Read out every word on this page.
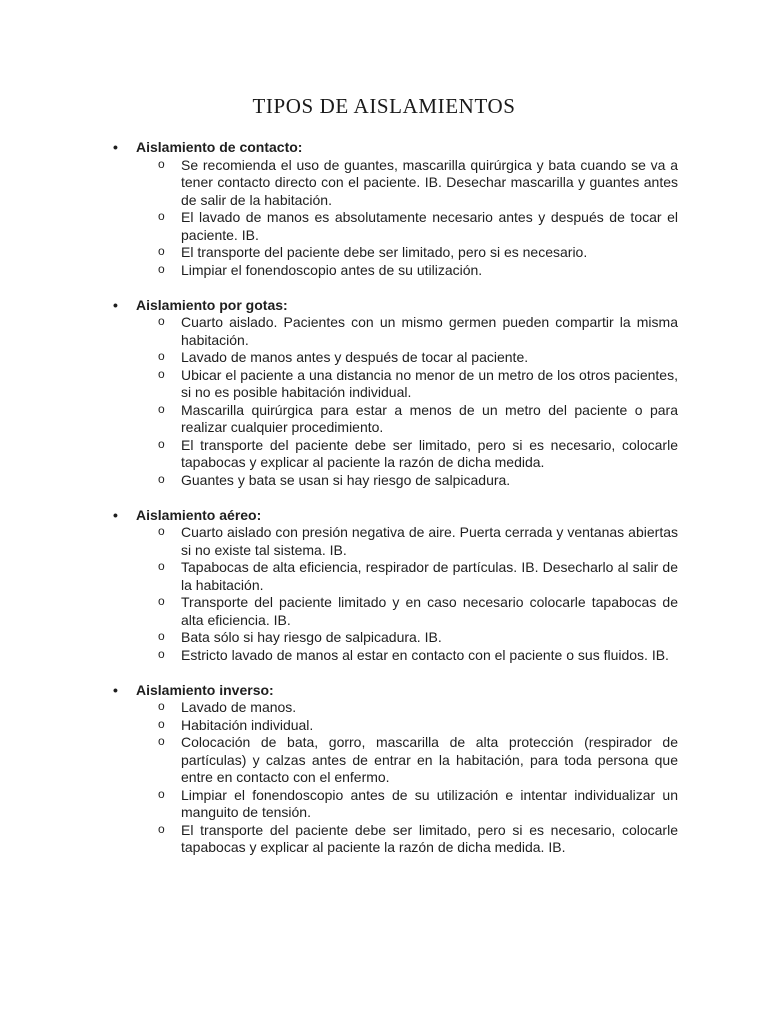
TIPOS DE AISLAMIENTOS
• Aislamiento de contacto:
o Se recomienda el uso de guantes, mascarilla quirúrgica y bata cuando se va a tener contacto directo con el paciente. IB. Desechar mascarilla y guantes antes de salir de la habitación.
o El lavado de manos es absolutamente necesario antes y después de tocar el paciente. IB.
o El transporte del paciente debe ser limitado, pero si es necesario.
o Limpiar el fonendoscopio antes de su utilización.
• Aislamiento por gotas:
o Cuarto aislado. Pacientes con un mismo germen pueden compartir la misma habitación.
o Lavado de manos antes y después de tocar al paciente.
o Ubicar el paciente a una distancia no menor de un metro de los otros pacientes, si no es posible habitación individual.
o Mascarilla quirúrgica para estar a menos de un metro del paciente o para realizar cualquier procedimiento.
o El transporte del paciente debe ser limitado, pero si es necesario, colocarle tapabocas y explicar al paciente la razón de dicha medida.
o Guantes y bata se usan si hay riesgo de salpicadura.
• Aislamiento aéreo:
o Cuarto aislado con presión negativa de aire. Puerta cerrada y ventanas abiertas si no existe tal sistema. IB.
o Tapabocas de alta eficiencia, respirador de partículas. IB. Desecharlo al salir de la habitación.
o Transporte del paciente limitado y en caso necesario colocarle tapabocas de alta eficiencia. IB.
o Bata sólo si hay riesgo de salpicadura. IB.
o Estricto lavado de manos al estar en contacto con el paciente o sus fluidos. IB.
• Aislamiento inverso:
o Lavado de manos.
o Habitación individual.
o Colocación de bata, gorro, mascarilla de alta protección (respirador de partículas) y calzas antes de entrar en la habitación, para toda persona que entre en contacto con el enfermo.
o Limpiar el fonendoscopio antes de su utilización e intentar individualizar un manguito de tensión.
o El transporte del paciente debe ser limitado, pero si es necesario, colocarle tapabocas y explicar al paciente la razón de dicha medida. IB.
